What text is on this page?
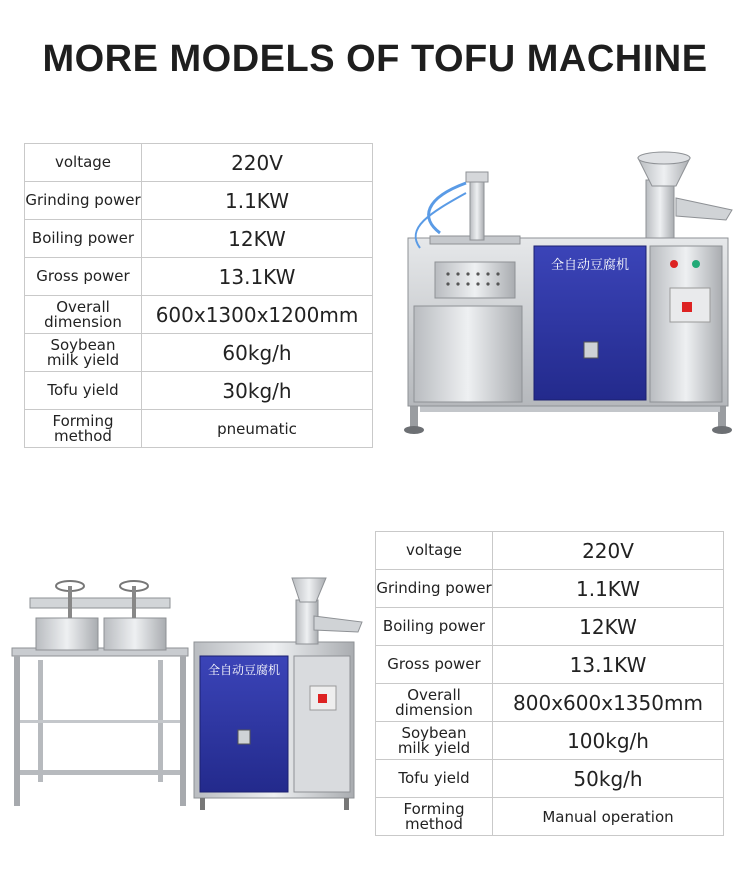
MORE MODELS OF TOFU MACHINE
voltage	220V
Grinding power	1.1KW
Boiling power	12KW
Gross power	13.1KW

Overall
dimension	600x1300x1200mm

Soybean
milk yield	60kg/h
Tofu yield	30kg/h

Forming
method	pneumatic
全自动豆腐机
全自动豆腐机
voltage	220V
Grinding power	1.1KW
Boiling power	12KW
Gross power	13.1KW

Overall
dimension	800x600x1350mm

Soybean
milk yield	100kg/h
Tofu yield	50kg/h

Forming
method	Manual operation
